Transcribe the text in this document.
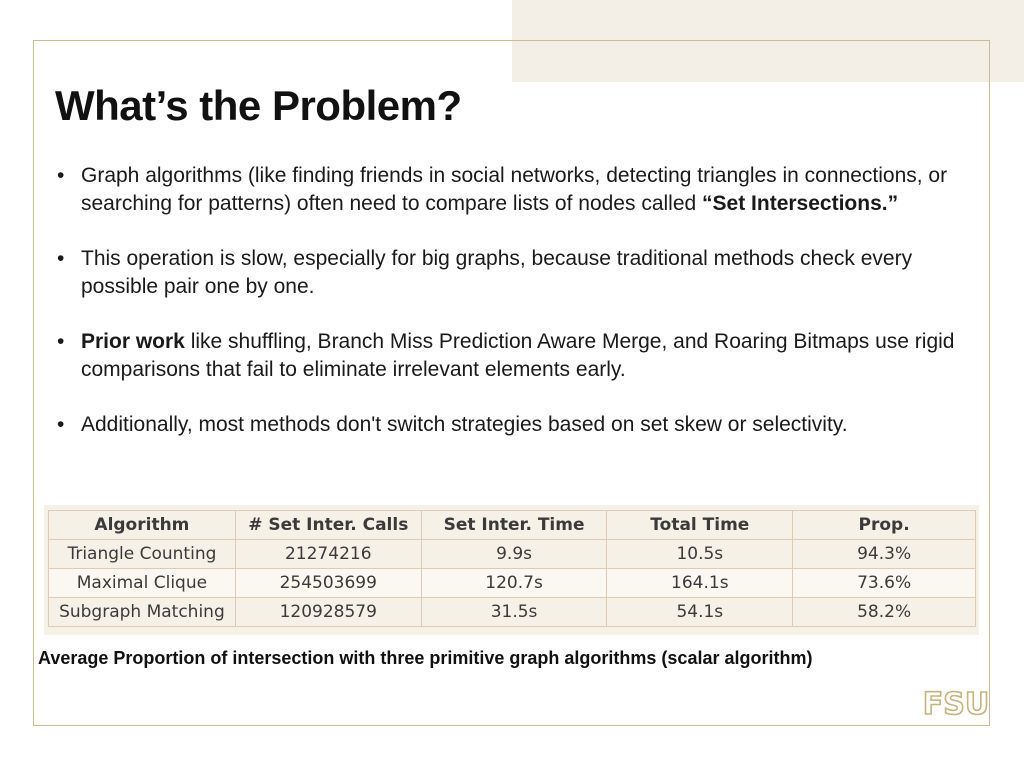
What’s the Problem?
• Graph algorithms (like finding friends in social networks, detecting triangles in connections, or searching for patterns) often need to compare lists of nodes called “Set Intersections.”
• This operation is slow, especially for big graphs, because traditional methods check every possible pair one by one.
• Prior work like shuffling, Branch Miss Prediction Aware Merge, and Roaring Bitmaps use rigid comparisons that fail to eliminate irrelevant elements early.
• Additionally, most methods don't switch strategies based on set skew or selectivity.
Algorithm	# Set Inter. Calls	Set Inter. Time	Total Time	Prop.
Triangle Counting	21274216	9.9s	10.5s	94.3%
Maximal Clique	254503699	120.7s	164.1s	73.6%
Subgraph Matching	120928579	31.5s	54.1s	58.2%

Average Proportion of intersection with three primitive graph algorithms (scalar algorithm)

FSU
